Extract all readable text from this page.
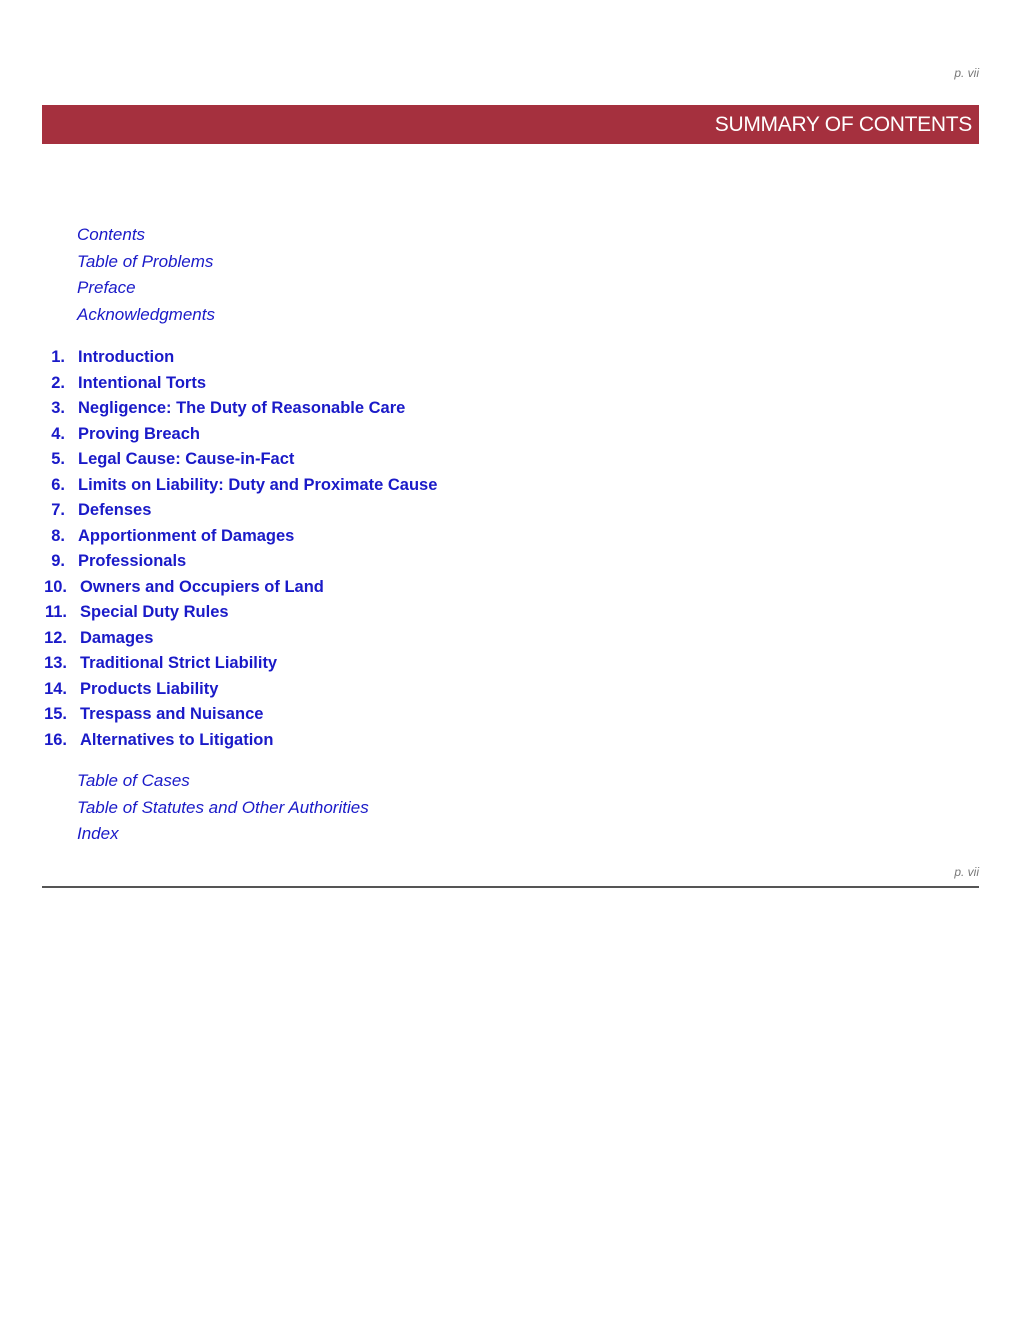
p. vii
SUMMARY OF CONTENTS
Contents
Table of Problems
Preface
Acknowledgments
1. Introduction
2. Intentional Torts
3. Negligence: The Duty of Reasonable Care
4. Proving Breach
5. Legal Cause: Cause-in-Fact
6. Limits on Liability: Duty and Proximate Cause
7. Defenses
8. Apportionment of Damages
9. Professionals
10. Owners and Occupiers of Land
11. Special Duty Rules
12. Damages
13. Traditional Strict Liability
14. Products Liability
15. Trespass and Nuisance
16. Alternatives to Litigation
Table of Cases
Table of Statutes and Other Authorities
Index
p. vii
